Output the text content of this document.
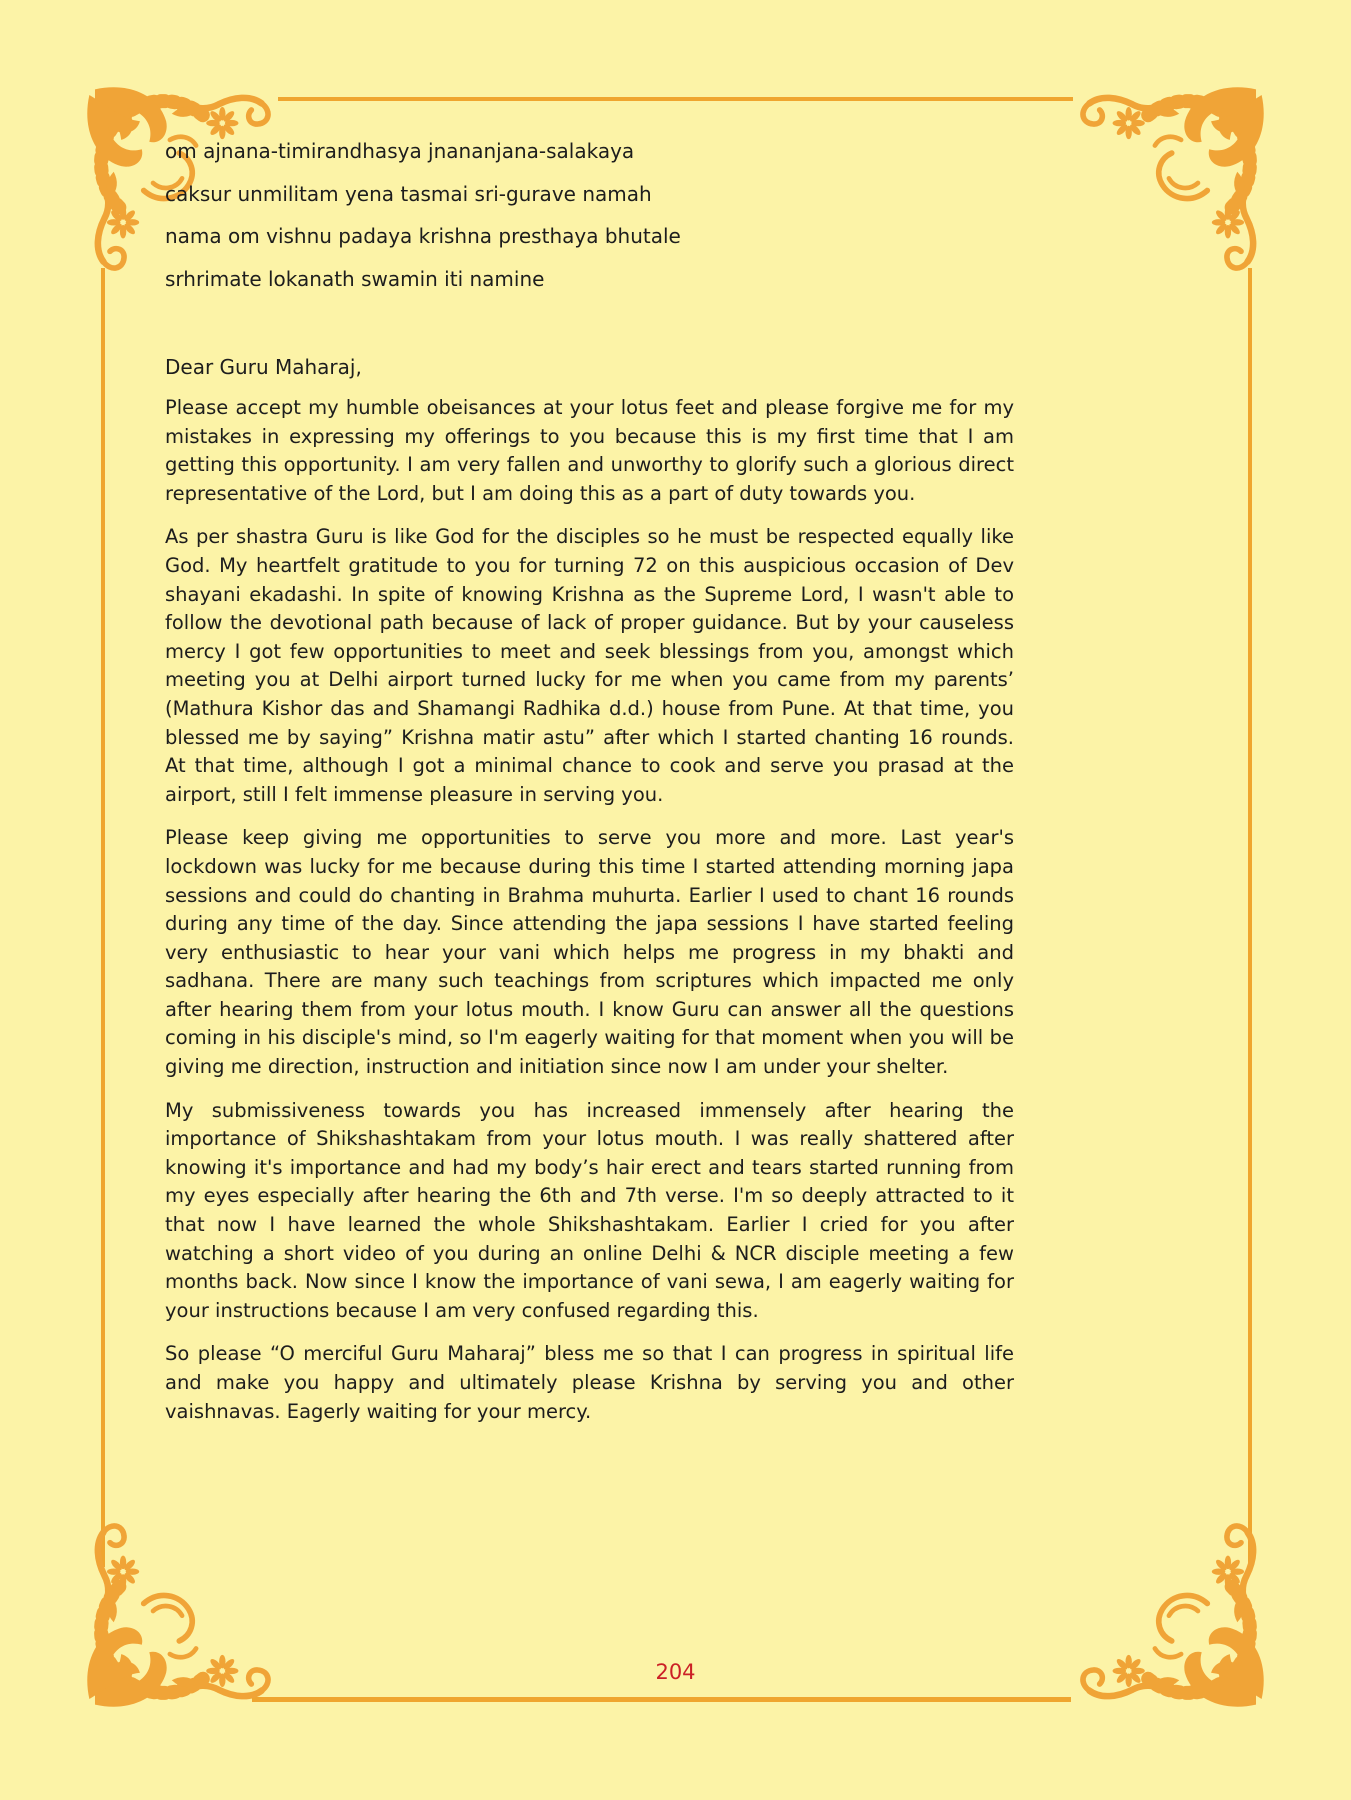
om ajnana-timirandhasya jnananjana-salakaya
caksur unmilitam yena tasmai sri-gurave namah
nama om vishnu padaya krishna presthaya bhutale
srhrimate lokanath swamin iti namine
Dear Guru Maharaj,

Please accept my humble obeisances at your lotus feet and please forgive me for my mistakes in expressing my offerings to you because this is my first time that I am getting this opportunity. I am very fallen and unworthy to glorify such a glorious direct representative of the Lord, but I am doing this as a part of duty towards you.

As per shastra Guru is like God for the disciples so he must be respected equally like God. My heartfelt gratitude to you for turning 72 on this auspicious occasion of Dev shayani ekadashi. In spite of knowing Krishna as the Supreme Lord, I wasn't able to follow the devotional path because of lack of proper guidance. But by your causeless mercy I got few opportunities to meet and seek blessings from you, amongst which meeting you at Delhi airport turned lucky for me when you came from my parents’ (Mathura Kishor das and Shamangi Radhika d.d.) house from Pune. At that time, you blessed me by saying” Krishna matir astu” after which I started chanting 16 rounds. At that time, although I got a minimal chance to cook and serve you prasad at the airport, still I felt immense pleasure in serving you.

Please keep giving me opportunities to serve you more and more. Last year's lockdown was lucky for me because during this time I started attending morning japa sessions and could do chanting in Brahma muhurta. Earlier I used to chant 16 rounds during any time of the day. Since attending the japa sessions I have started feeling very enthusiastic to hear your vani which helps me progress in my bhakti and sadhana. There are many such teachings from scriptures which impacted me only after hearing them from your lotus mouth. I know Guru can answer all the questions coming in his disciple's mind, so I'm eagerly waiting for that moment when you will be giving me direction, instruction and initiation since now I am under your shelter.

My submissiveness towards you has increased immensely after hearing the importance of Shikshashtakam from your lotus mouth. I was really shattered after knowing it's importance and had my body’s hair erect and tears started running from my eyes especially after hearing the 6th and 7th verse. I'm so deeply attracted to it that now I have learned the whole Shikshashtakam. Earlier I cried for you after watching a short video of you during an online Delhi & NCR disciple meeting a few months back. Now since I know the importance of vani sewa, I am eagerly waiting for your instructions because I am very confused regarding this.

So please “O merciful Guru Maharaj” bless me so that I can progress in spiritual life and make you happy and ultimately please Krishna by serving you and other vaishnavas. Eagerly waiting for your mercy.

204
